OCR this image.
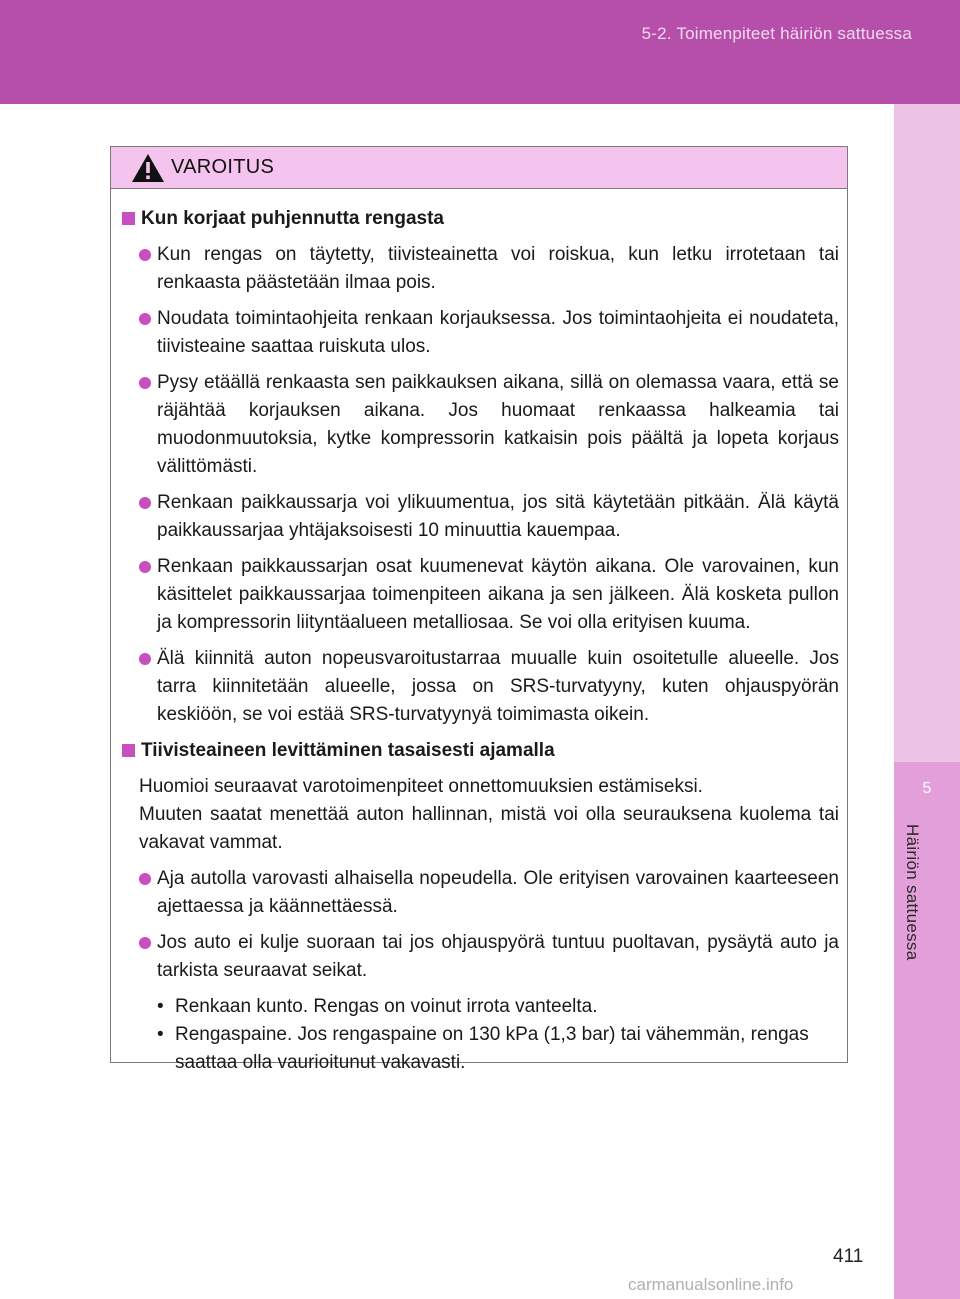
5-2. Toimenpiteet häiriön sattuessa
5
Häiriön sattuessa
VAROITUS
Kun korjaat puhjennutta rengasta
Kun rengas on täytetty, tiivisteainetta voi roiskua, kun letku irrotetaan tai renkaasta päästetään ilmaa pois.
Noudata toimintaohjeita renkaan korjauksessa. Jos toimintaohjeita ei noudateta, tiivisteaine saattaa ruiskuta ulos.
Pysy etäällä renkaasta sen paikkauksen aikana, sillä on olemassa vaara, että se räjähtää korjauksen aikana. Jos huomaat renkaassa halkeamia tai muodonmuutoksia, kytke kompressorin katkaisin pois päältä ja lopeta korjaus välittömästi.
Renkaan paikkaussarja voi ylikuumentua, jos sitä käytetään pitkään. Älä käytä paikkaussarjaa yhtäjaksoisesti 10 minuuttia kauempaa.
Renkaan paikkaussarjan osat kuumenevat käytön aikana. Ole varovainen, kun käsittelet paikkaussarjaa toimenpiteen aikana ja sen jälkeen. Älä kosketa pullon ja kompressorin liityntäalueen metalliosaa. Se voi olla erityisen kuuma.
Älä kiinnitä auton nopeusvaroitustarraa muualle kuin osoitetulle alueelle. Jos tarra kiinnitetään alueelle, jossa on SRS-turvatyyny, kuten ohjauspyörän keskiöön, se voi estää SRS-turvatyynyä toimimasta oikein.
Tiivisteaineen levittäminen tasaisesti ajamalla

Huomioi seuraavat varotoimenpiteet onnettomuuksien estämiseksi.

Muuten saatat menettää auton hallinnan, mistä voi olla seurauksena kuolema tai vakavat vammat.

Aja autolla varovasti alhaisella nopeudella. Ole erityisen varovainen kaarteeseen ajettaessa ja käännettäessä.
Jos auto ei kulje suoraan tai jos ohjauspyörä tuntuu puoltavan, pysäytä auto ja tarkista seuraavat seikat.
• Renkaan kunto. Rengas on voinut irrota vanteelta.
• Rengaspaine. Jos rengaspaine on 130 kPa (1,3 bar) tai vähemmän, rengas saattaa olla vaurioitunut vakavasti.
411
carmanualsonline.info
